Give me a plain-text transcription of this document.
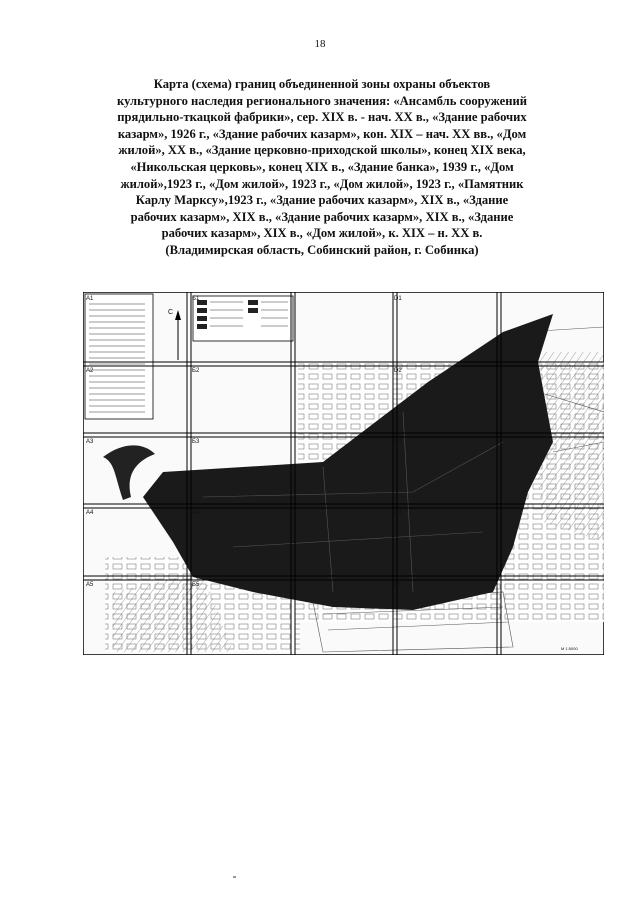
18
Карта (схема) границ объединенной зоны охраны объектов
культурного наследия регионального значения: «Ансамбль сооружений
прядильно-ткацкой фабрики», сер. XIX в. - нач. XX в., «Здание рабочих
казарм», 1926 г., «Здание рабочих казарм», кон. XIX – нач. XX вв., «Дом
жилой», XX в., «Здание церковно-приходской школы», конец XIX века,
«Никольская церковь», конец XIX в., «Здание банка», 1939 г., «Дом
жилой»,1923 г., «Дом жилой», 1923 г., «Дом жилой», 1923 г., «Памятник
Карлу Марксу»,1923 г., «Здание рабочих казарм», XIX в., «Здание
рабочих казарм», XIX в., «Здание рабочих казарм», XIX в., «Здание
рабочих казарм», XIX в., «Дом жилой», к. XIX – н. XX в.
(Владимирская область, Собинский район, г. Собинка)
С
A1	D1
A2	D2
A3	Б3	D3
A4	Б4	D4
A5	Б5	D5
Б2
Б1
М 1:5000
